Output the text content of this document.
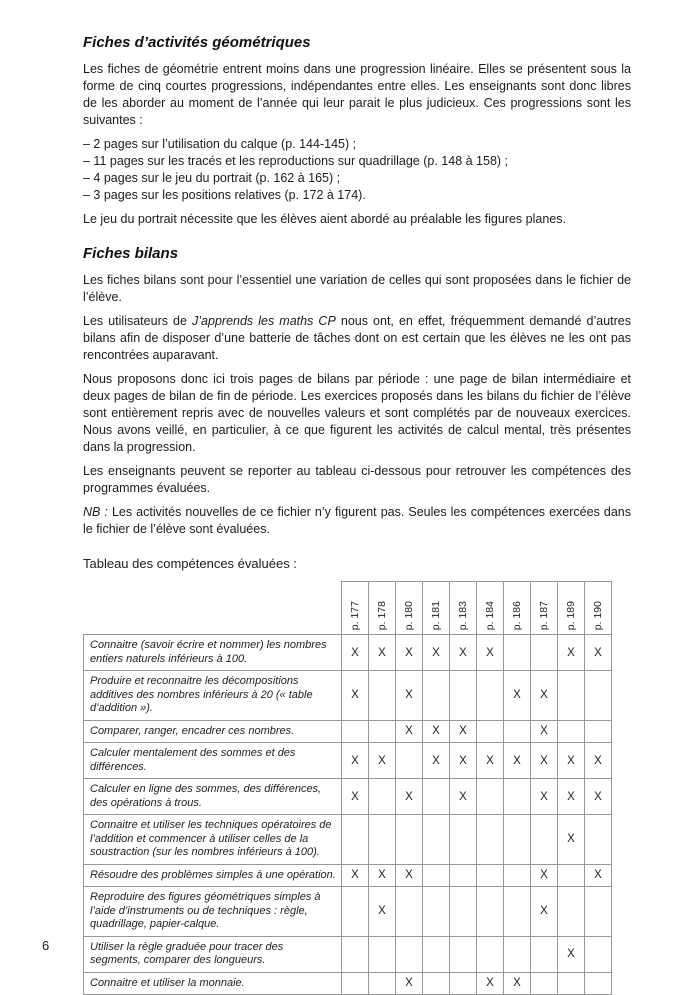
Fiches d’activités géométriques

Les fiches de géométrie entrent moins dans une progression linéaire. Elles se présentent sous la forme de cinq courtes progressions, indépendantes entre elles. Les enseignants sont donc libres de les aborder au moment de l’année qui leur parait le plus judicieux. Ces progressions sont les suivantes :

– 2 pages sur l’utilisation du calque (p. 144-145) ;

– 11 pages sur les tracés et les reproductions sur quadrillage (p. 148 à 158) ;

– 4 pages sur le jeu du portrait (p. 162 à 165) ;

– 3 pages sur les positions relatives (p. 172 à 174).

Le jeu du portrait nécessite que les élèves aient abordé au préalable les figures planes.

Fiches bilans

Les fiches bilans sont pour l’essentiel une variation de celles qui sont proposées dans le fichier de l’élève.

Les utilisateurs de J’apprends les maths CP nous ont, en effet, fréquemment demandé d’autres bilans afin de disposer d’une batterie de tâches dont on est certain que les élèves ne les ont pas rencontrées auparavant.

Nous proposons donc ici trois pages de bilans par période : une page de bilan intermédiaire et deux pages de bilan de fin de période. Les exercices proposés dans les bilans du fichier de l’élève sont entièrement repris avec de nouvelles valeurs et sont complétés par de nouveaux exercices. Nous avons veillé, en particulier, à ce que figurent les activités de calcul mental, très présentes dans la progression.

Les enseignants peuvent se reporter au tableau ci-dessous pour retrouver les compétences des programmes évaluées.

NB : Les activités nouvelles de ce fichier n’y figurent pas. Seules les compétences exercées dans le fichier de l’élève sont évaluées.

Tableau des compétences évaluées :

	p. 177	p. 178	p. 180	p. 181	p. 183	p. 184	p. 186	p. 187	p. 189	p. 190

Connaitre (savoir écrire et nommer) les nombres entiers naturels inférieurs à 100.	X	X	X	X	X	X			X	X
Produire et reconnaitre les décompositions additives des nombres inférieurs à 20 (« table d’addition »).	X		X				X	X		
Comparer, ranger, encadrer ces nombres.			X	X	X			X		
Calculer mentalement des sommes et des différences.	X	X		X	X	X	X	X	X	X
Calculer en ligne des sommes, des différences, des opérations à trous.	X		X		X			X	X	X
Connaitre et utiliser les techniques opératoires de l’addition et commencer à utiliser celles de la soustraction (sur les nombres inférieurs à 100).									X	
Résoudre des problèmes simples à une opération.	X	X	X					X		X
Reproduire des figures géométriques simples à l’aide d’instruments ou de techniques : règle, quadrillage, papier-calque.		X						X		
Utiliser la règle graduée pour tracer des segments, comparer des longueurs.									X	
Connaitre et utiliser la monnaie.			X			X	X			
6
